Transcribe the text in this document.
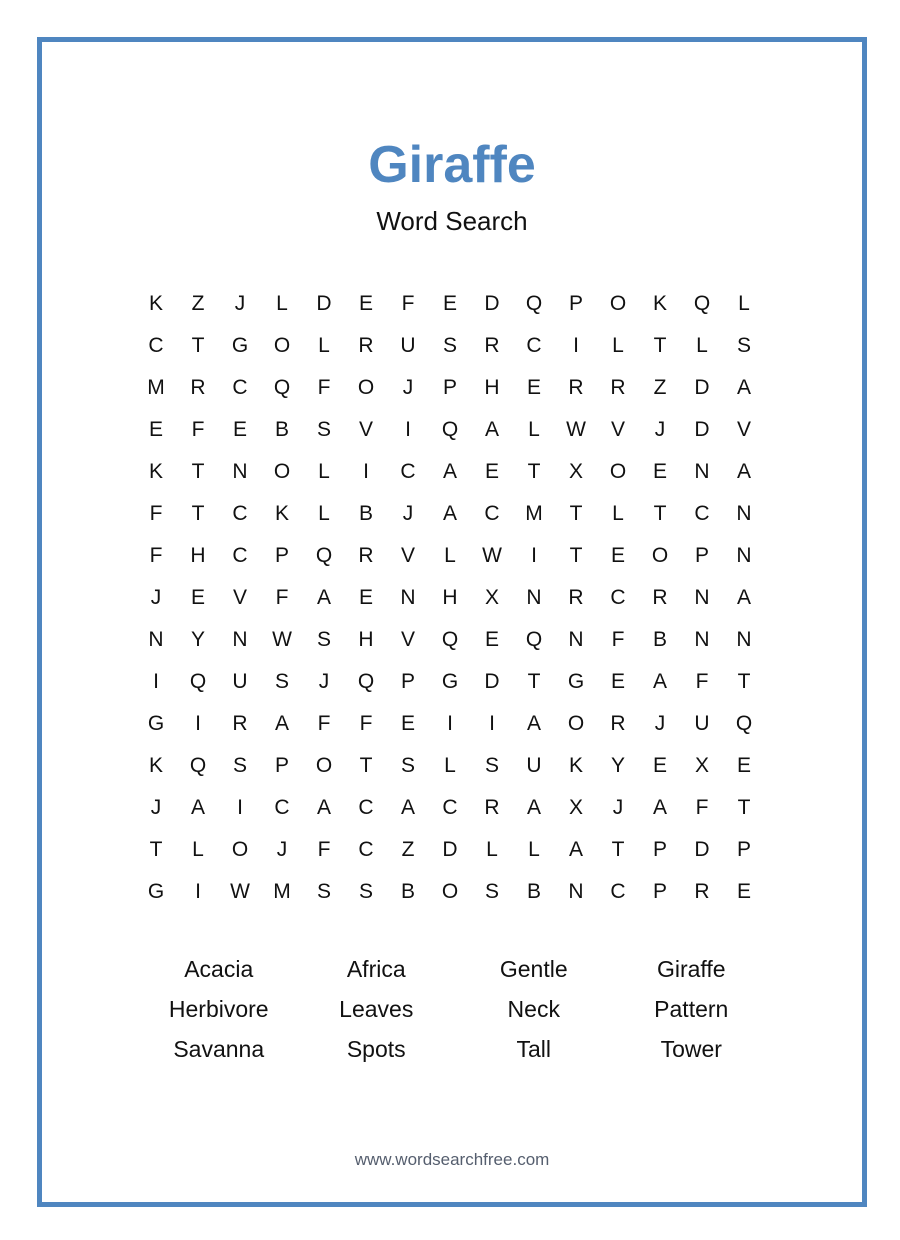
Giraffe
Word Search
K	Z	J	L	D	E	F	E	D	Q	P	O	K	Q	L
C	T	G	O	L	R	U	S	R	C	I	L	T	L	S
M	R	C	Q	F	O	J	P	H	E	R	R	Z	D	A
E	F	E	B	S	V	I	Q	A	L	W	V	J	D	V
K	T	N	O	L	I	C	A	E	T	X	O	E	N	A
F	T	C	K	L	B	J	A	C	M	T	L	T	C	N
F	H	C	P	Q	R	V	L	W	I	T	E	O	P	N
J	E	V	F	A	E	N	H	X	N	R	C	R	N	A
N	Y	N	W	S	H	V	Q	E	Q	N	F	B	N	N
I	Q	U	S	J	Q	P	G	D	T	G	E	A	F	T
G	I	R	A	F	F	E	I	I	A	O	R	J	U	Q
K	Q	S	P	O	T	S	L	S	U	K	Y	E	X	E
J	A	I	C	A	C	A	C	R	A	X	J	A	F	T
T	L	O	J	F	C	Z	D	L	L	A	T	P	D	P
G	I	W	M	S	S	B	O	S	B	N	C	P	R	E
Acacia	Africa	Gentle	Giraffe
Herbivore	Leaves	Neck	Pattern
Savanna	Spots	Tall	Tower
www.wordsearchfree.com
